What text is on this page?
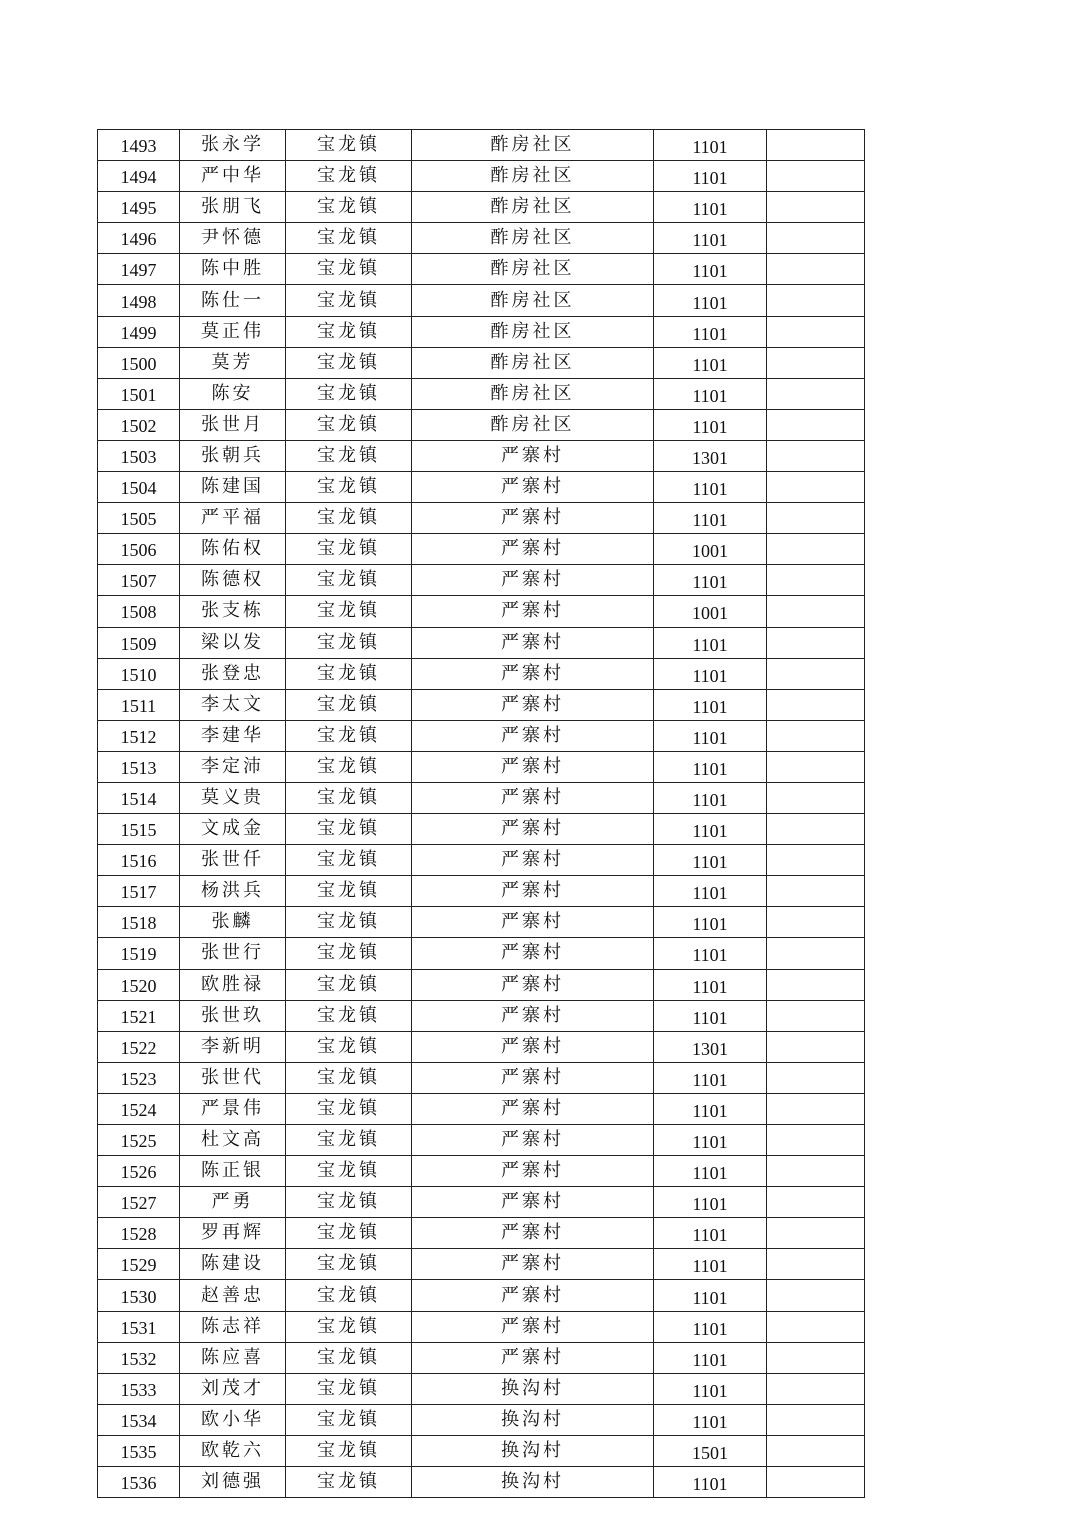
1493	张永学	宝龙镇	酢房社区	1101	
1494	严中华	宝龙镇	酢房社区	1101	
1495	张朋飞	宝龙镇	酢房社区	1101	
1496	尹怀德	宝龙镇	酢房社区	1101	
1497	陈中胜	宝龙镇	酢房社区	1101	
1498	陈仕一	宝龙镇	酢房社区	1101	
1499	莫正伟	宝龙镇	酢房社区	1101	
1500	莫芳	宝龙镇	酢房社区	1101	
1501	陈安	宝龙镇	酢房社区	1101	
1502	张世月	宝龙镇	酢房社区	1101	
1503	张朝兵	宝龙镇	严寨村	1301	
1504	陈建国	宝龙镇	严寨村	1101	
1505	严平福	宝龙镇	严寨村	1101	
1506	陈佑权	宝龙镇	严寨村	1001	
1507	陈德权	宝龙镇	严寨村	1101	
1508	张支栋	宝龙镇	严寨村	1001	
1509	梁以发	宝龙镇	严寨村	1101	
1510	张登忠	宝龙镇	严寨村	1101	
1511	李太文	宝龙镇	严寨村	1101	
1512	李建华	宝龙镇	严寨村	1101	
1513	李定沛	宝龙镇	严寨村	1101	
1514	莫义贵	宝龙镇	严寨村	1101	
1515	文成金	宝龙镇	严寨村	1101	
1516	张世仟	宝龙镇	严寨村	1101	
1517	杨洪兵	宝龙镇	严寨村	1101	
1518	张麟	宝龙镇	严寨村	1101	
1519	张世行	宝龙镇	严寨村	1101	
1520	欧胜禄	宝龙镇	严寨村	1101	
1521	张世玖	宝龙镇	严寨村	1101	
1522	李新明	宝龙镇	严寨村	1301	
1523	张世代	宝龙镇	严寨村	1101	
1524	严景伟	宝龙镇	严寨村	1101	
1525	杜文高	宝龙镇	严寨村	1101	
1526	陈正银	宝龙镇	严寨村	1101	
1527	严勇	宝龙镇	严寨村	1101	
1528	罗再辉	宝龙镇	严寨村	1101	
1529	陈建设	宝龙镇	严寨村	1101	
1530	赵善忠	宝龙镇	严寨村	1101	
1531	陈志祥	宝龙镇	严寨村	1101	
1532	陈应喜	宝龙镇	严寨村	1101	
1533	刘茂才	宝龙镇	换沟村	1101	
1534	欧小华	宝龙镇	换沟村	1101	
1535	欧乾六	宝龙镇	换沟村	1501	
1536	刘德强	宝龙镇	换沟村	1101	
